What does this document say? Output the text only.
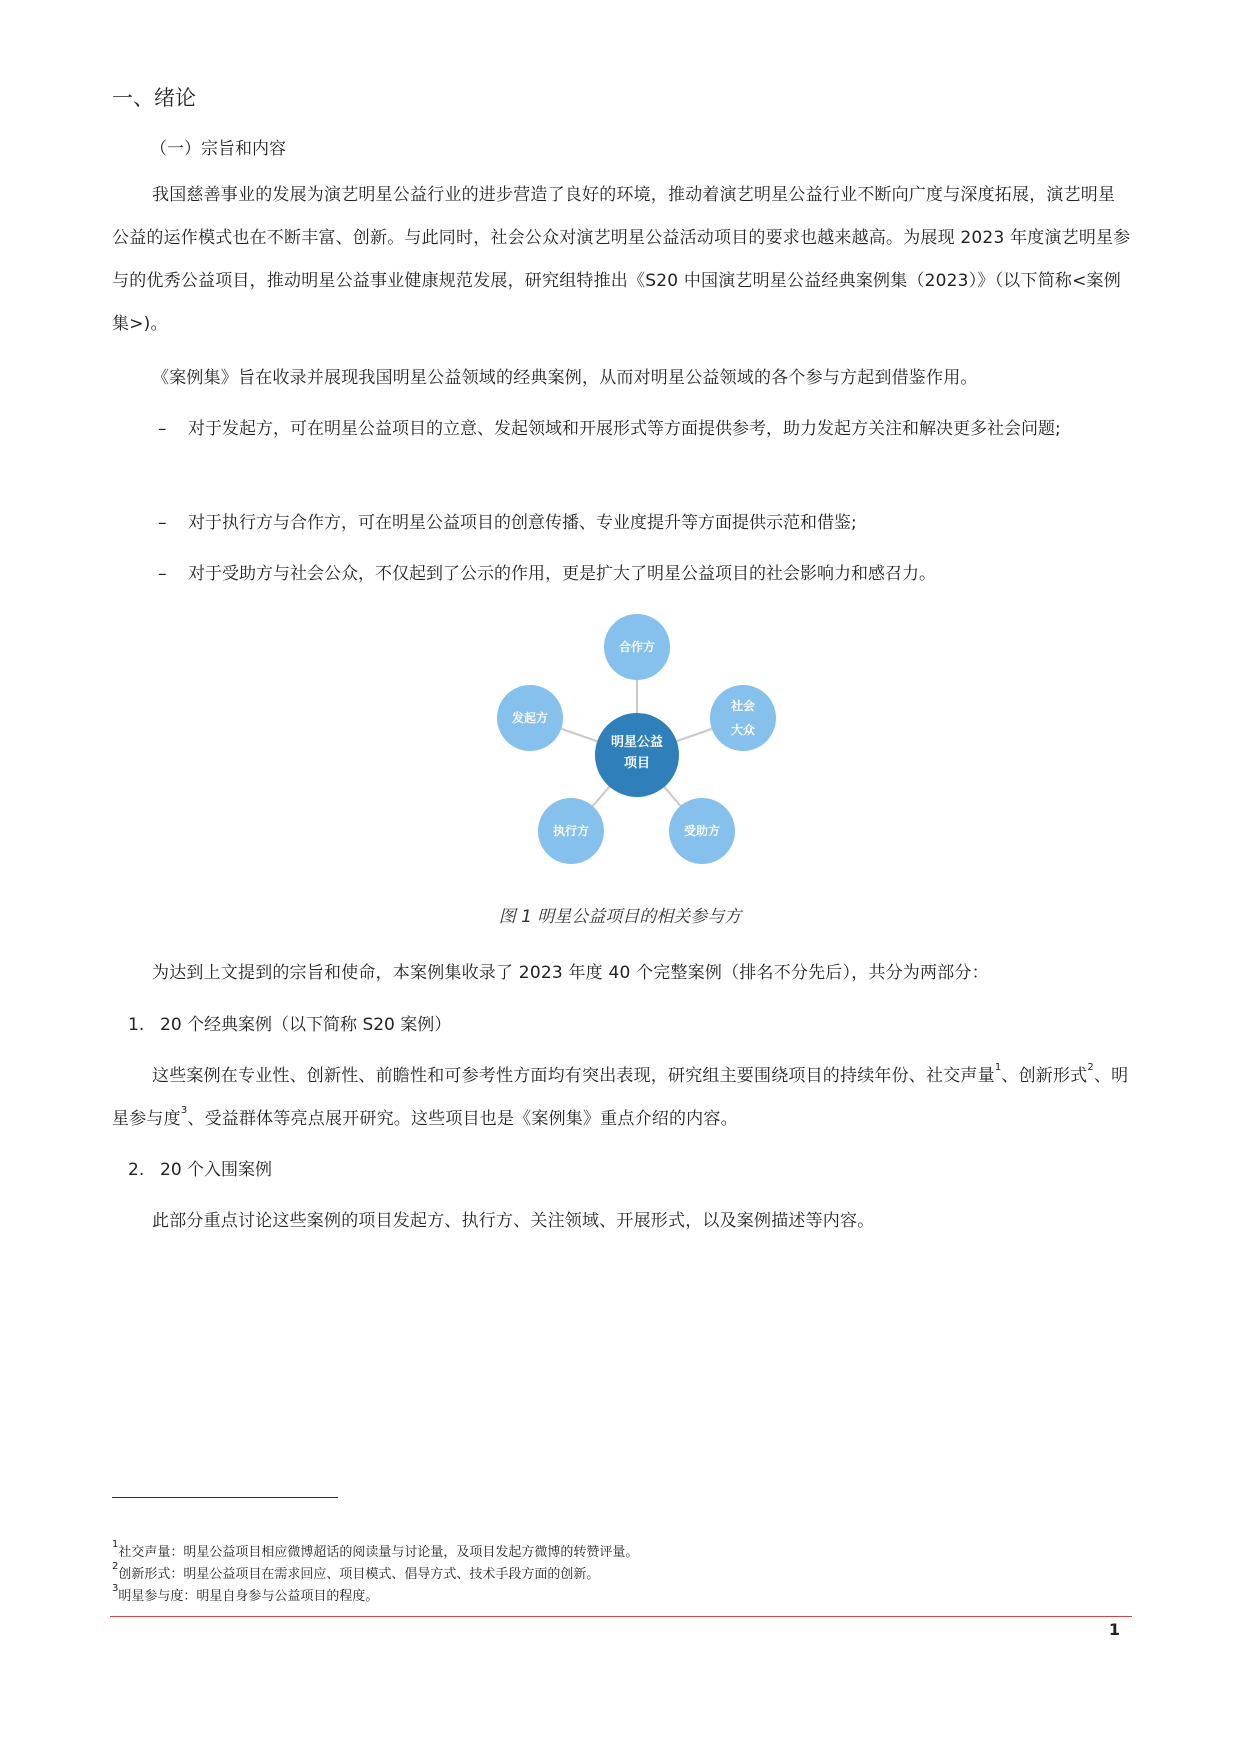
一、绪论
（一）宗旨和内容
我国慈善事业的发展为演艺明星公益行业的进步营造了良好的环境，推动着演艺明星公益行业不断向广度与深度拓展，演艺明星公益的运作模式也在不断丰富、创新。与此同时，社会公众对演艺明星公益活动项目的要求也越来越高。为展现 2023 年度演艺明星参与的优秀公益项目，推动明星公益事业健康规范发展，研究组特推出《S20 中国演艺明星公益经典案例集（2023）》（以下简称<案例集>)。
《案例集》旨在收录并展现我国明星公益领域的经典案例，从而对明星公益领域的各个参与方起到借鉴作用。
– 对于发起方，可在明星公益项目的立意、发起领域和开展形式等方面提供参考，助力发起方关注和解决更多社会问题;
– 对于执行方与合作方，可在明星公益项目的创意传播、专业度提升等方面提供示范和借鉴;
– 对于受助方与社会公众，不仅起到了公示的作用，更是扩大了明星公益项目的社会影响力和感召力。
合作方
发起方
社会
大众
执行方	受助方
明星公益
项目
图 1 明星公益项目的相关参与方
为达到上文提到的宗旨和使命，本案例集收录了 2023 年度 40 个完整案例（排名不分先后），共分为两部分：
1. 20 个经典案例（以下简称 S20 案例）
这些案例在专业性、创新性、前瞻性和可参考性方面均有突出表现，研究组主要围绕项目的持续年份、社交声量$^1$、创新形式$^2$、明星参与度$^3$、受益群体等亮点展开研究。这些项目也是《案例集》重点介绍的内容。
2. 20 个入围案例
此部分重点讨论这些案例的项目发起方、执行方、关注领域、开展形式，以及案例描述等内容。
$^1$社交声量：明星公益项目相应微博超话的阅读量与讨论量，及项目发起方微博的转赞评量。
$^2$创新形式：明星公益项目在需求回应、项目模式、倡导方式、技术手段方面的创新。
$^3$明星参与度：明星自身参与公益项目的程度。
1
